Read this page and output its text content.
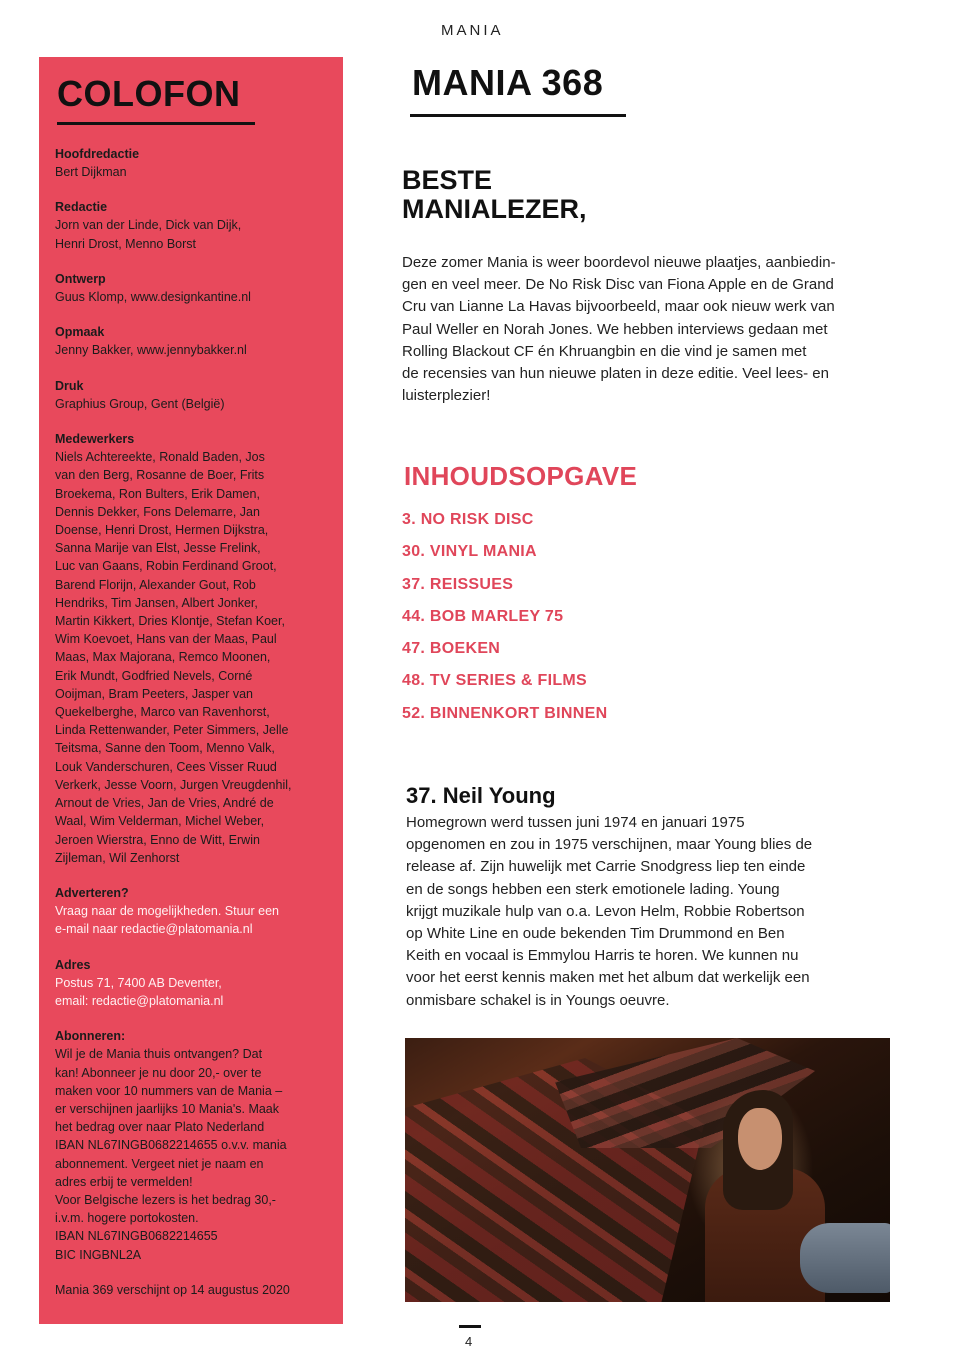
MANIA
COLOFON
Hoofdredactie
Bert Dijkman
Redactie
Jorn van der Linde, Dick van Dijk,
Henri Drost, Menno Borst
Ontwerp
Guus Klomp, www.designkantine.nl
Opmaak
Jenny Bakker, www.jennybakker.nl
Druk
Graphius Group, Gent (België)
Medewerkers
Niels Achtereekte, Ronald Baden, Jos
van den Berg, Rosanne de Boer, Frits
Broekema, Ron Bulters, Erik Damen,
Dennis Dekker, Fons Delemarre, Jan
Doense, Henri Drost, Hermen Dijkstra,
Sanna Marije van Elst, Jesse Frelink,
Luc van Gaans, Robin Ferdinand Groot,
Barend Florijn, Alexander Gout, Rob
Hendriks, Tim Jansen, Albert Jonker,
Martin Kikkert, Dries Klontje, Stefan Koer,
Wim Koevoet, Hans van der Maas, Paul
Maas, Max Majorana, Remco Moonen,
Erik Mundt, Godfried Nevels, Corné
Ooijman, Bram Peeters, Jasper van
Quekelberghe, Marco van Ravenhorst,
Linda Rettenwander, Peter Simmers, Jelle
Teitsma, Sanne den Toom, Menno Valk,
Louk Vanderschuren, Cees Visser Ruud
Verkerk, Jesse Voorn, Jurgen Vreugdenhil,
Arnout de Vries, Jan de Vries, André de
Waal, Wim Velderman, Michel Weber,
Jeroen Wierstra, Enno de Witt, Erwin
Zijleman, Wil Zenhorst
Adverteren?
Vraag naar de mogelijkheden. Stuur een
e-mail naar redactie@platomania.nl
Adres
Postus 71, 7400 AB Deventer,
email: redactie@platomania.nl
Abonneren:
Wil je de Mania thuis ontvangen? Dat
kan! Abonneer je nu door 20,- over te
maken voor 10 nummers van de Mania –
er verschijnen jaarlijks 10 Mania's. Maak
het bedrag over naar Plato Nederland
IBAN NL67INGB0682214655 o.v.v. mania
abonnement. Vergeet niet je naam en
adres erbij te vermelden!
Voor Belgische lezers is het bedrag 30,-
i.v.m. hogere portokosten.
IBAN NL67INGB0682214655
BIC INGBNL2A
Mania 369 verschijnt op 14 augustus 2020
MANIA 368
BESTE
MANIALEZER,
Deze zomer Mania is weer boordevol nieuwe plaatjes, aanbiedin-
gen en veel meer. De No Risk Disc van Fiona Apple en de Grand
Cru van Lianne La Havas bijvoorbeeld, maar ook nieuw werk van
Paul Weller en Norah Jones. We hebben interviews gedaan met
Rolling Blackout CF én Khruangbin en die vind je samen met
de recensies van hun nieuwe platen in deze editie. Veel lees- en
luisterplezier!
INHOUDSOPGAVE
3. NO RISK DISC
30. VINYL MANIA
37. REISSUES
44. BOB MARLEY 75
47. BOEKEN
48. TV SERIES & FILMS
52. BINNENKORT BINNEN
37. Neil Young
Homegrown werd tussen juni 1974 en januari 1975
opgenomen en zou in 1975 verschijnen, maar Young blies de
release af. Zijn huwelijk met Carrie Snodgress liep ten einde
en de songs hebben een sterk emotionele lading. Young
krijgt muzikale hulp van o.a. Levon Helm, Robbie Robertson
op White Line en oude bekenden Tim Drummond en Ben
Keith en vocaal is Emmylou Harris te horen. We kunnen nu
voor het eerst kennis maken met het album dat werkelijk een
onmisbare schakel is in Youngs oeuvre.
4
